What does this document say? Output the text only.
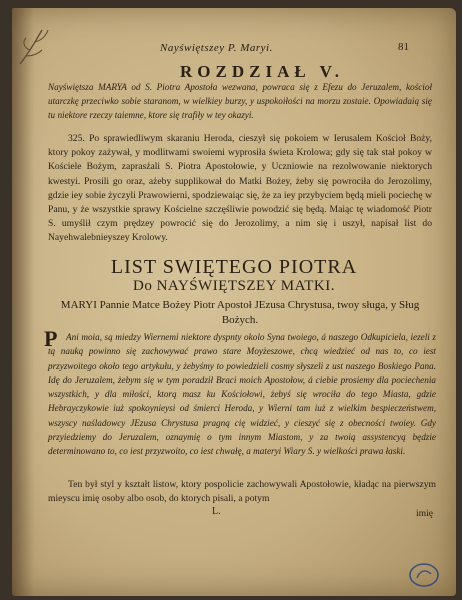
Nayświętszey P. Maryi.	81
ROZDZIAŁ V.
Nayświętsza MARYA od S. Piotra Apostoła wezwana, powraca się z Efezu do Jeruzalem, kościoł utarczkę przeciwko sobie staranom, w wielkiey burzy, y uspokoiłości na morzu zostaie. Opowiadaią się tu niektore rzeczy taiemne, ktore się trafiły w tey okazyi.
325. Po sprawiedliwym skaraniu Heroda, cieszył się pokoiem w Ierusalem Kościoł Boży, ktory pokoy zażywał, y modlitwami swoiemi wyprosiła świeta Krolowa; gdy się tak stał pokoy w Kościele Bożym, zaprasźali S. Piotra Apostołowie, y Uczniowie na rezolwowanie niektorych kwestyi. Prosili go oraz, ażeby supplikował do Matki Bożey, żeby się powrociła do Jerozolimy, gdzie iey sobie życzyli Prawowierni, spodziewaiąc się, że za iey przybyciem będą mieli pociechę w Panu, y że wszystkie sprawy Kościelne szczęśliwie powodzić się będą. Maiąc tę wiadomość Piotr S. umyślił czym prędzey powrocić się do Jerozolimy, a nim się i uszył, napisał list do Nayehwalebnieyszey Krolowy.
LIST SWIĘTEGO PIOTRA
Do NAYŚWIĘTSZEY MATKI.
MARYI Pannie Matce Bożey Piotr Apostoł JEzusa Chrystusa, twoy sługa, y Sług Bożych.
P Ani moia, są miedzy Wiernemi niektore dyspnty okolo Syna twoiego, á naszego Odkupiciela, iezeli z tą nauką powinno się zachowywać prawo stare Moyżeszowe, chcą wiedzieć od nas to, co iest przyzwoitego około tego artykułu, y żebyśmy to powiedzieli cosmy słyszeli z ust naszego Boskiego Pana. Idę do Jeruzalem, żebym się w tym poradził Braci moich Apostołow, á ciebie prosiemy dla pociechenia wszystkich, y dla miłości, ktorą masz ku Kościołowi, żebyś się wrociła do tego Miasta, gdzie Hebrayczykowie iuż spokoynieysi od śmierci Heroda, y Wierni tam iuż z wielkim bespieczeństwem, wszyscy naśladowcy JEzusa Chrystusa pragną cię widzieć, y cieszyć się z obecności twoiey. Gdy przyiedziemy do Jeruzalem, oznaymię o tym innym Miastom, y za twoią assystencyą będzie determinowano to, co iest przyzwoito, co iest chwałę, a materyi Wiary S. y wielkości prawa łaski.
L.
Ten był styl y kształt listow, ktory pospolicie zachowywali Apostołowie, kładąc na pierwszym mieyscu imię osoby albo osob, do ktorych pisali, a potym
imię
